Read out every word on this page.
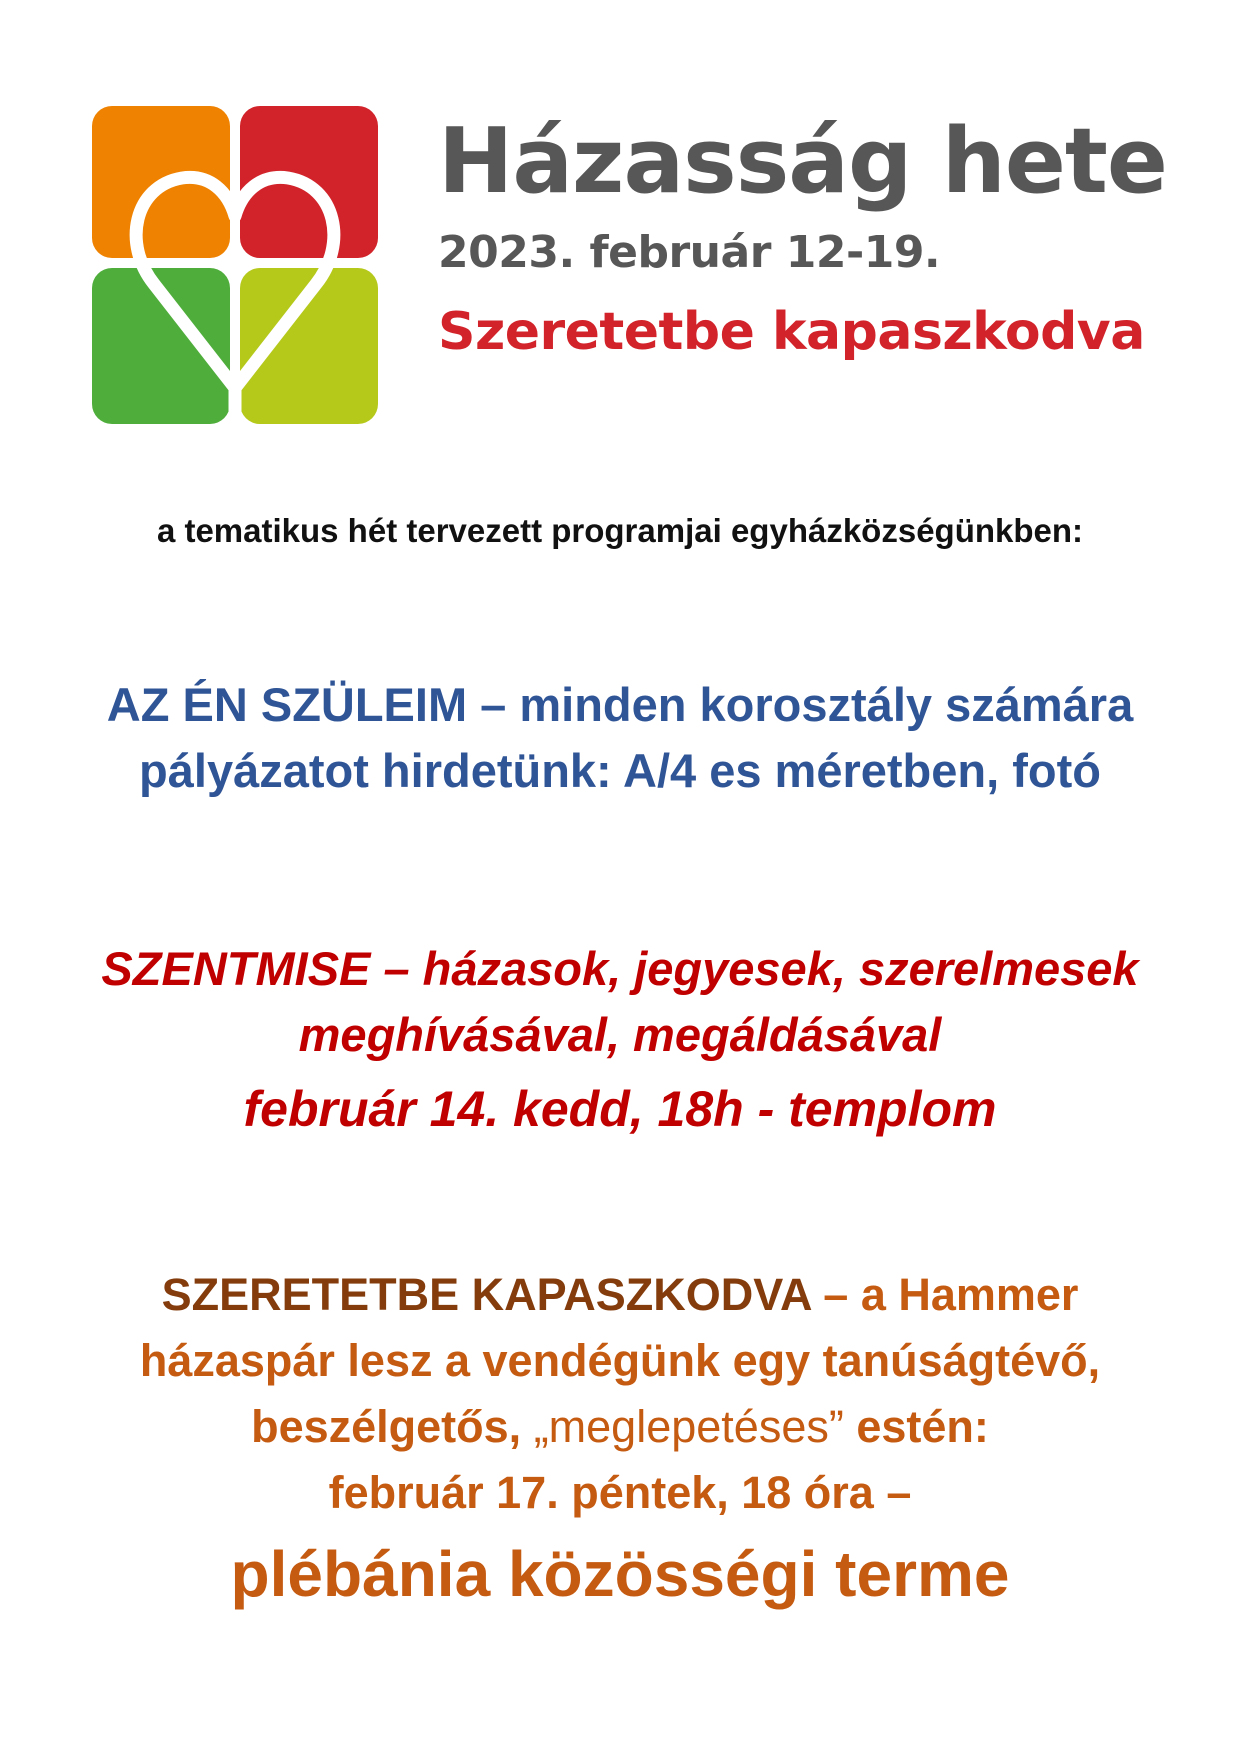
Házasság hete
2023. február 12-19.
Szeretetbe kapaszkodva
a tematikus hét tervezett programjai egyházközségünkben:
AZ ÉN SZÜLEIM – minden korosztály számára
pályázatot hirdetünk: A/4 es méretben, fotó
SZENTMISE – házasok, jegyesek, szerelmesek
meghívásával, megáldásával
február 14. kedd, 18h - templom
SZERETETBE KAPASZKODVA – a Hammer
házaspár lesz a vendégünk egy tanúságtévő,
beszélgetős, „meglepetéses” estén:
február 17. péntek, 18 óra –
plébánia közösségi terme
